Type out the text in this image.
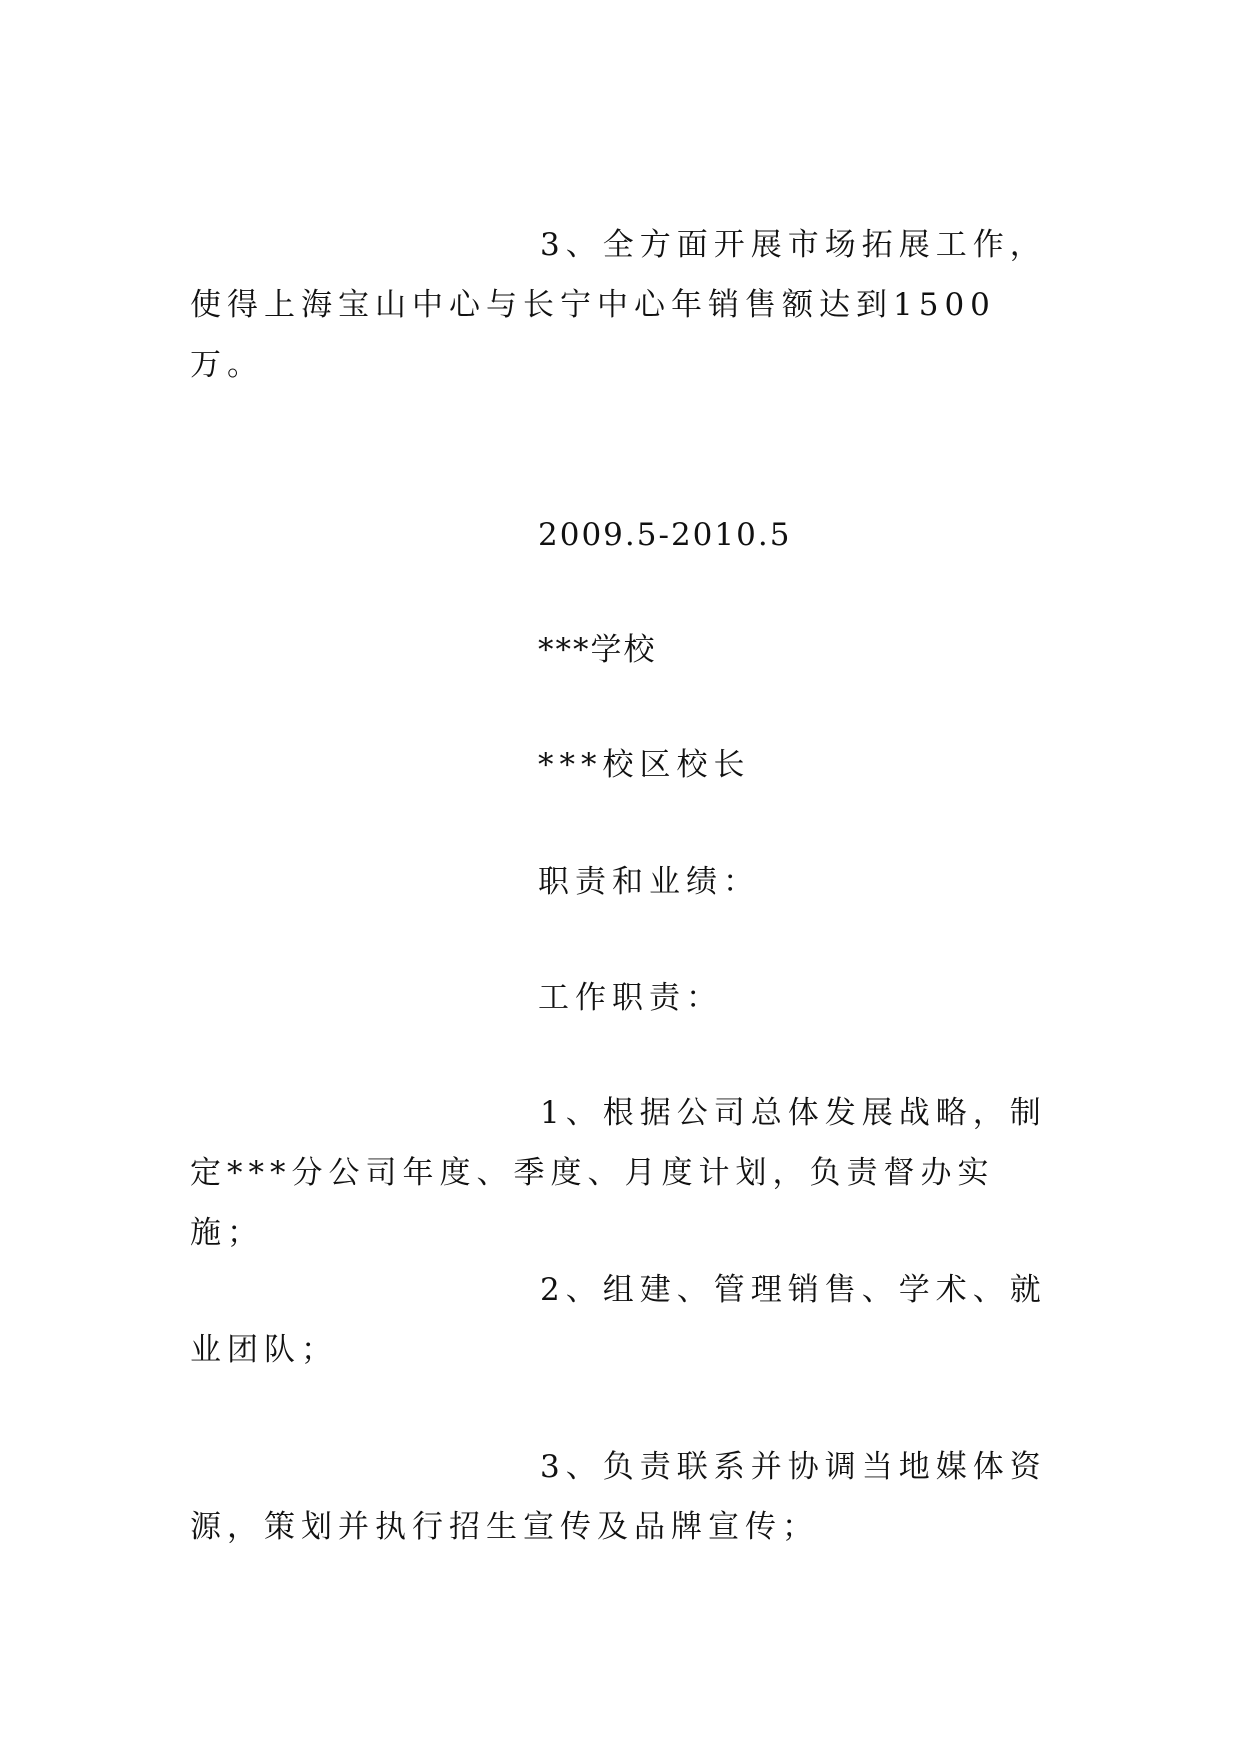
3、全方面开展市场拓展工作，使得上海宝山中心与长宁中心年销售额达到1500万。
2009.5-2010.5
***学校
***校区校长
职责和业绩：
工作职责：
1、根据公司总体发展战略，制定***分公司年度、季度、月度计划，负责督办实施；
2、组建、管理销售、学术、就业团队；
3、负责联系并协调当地媒体资源，策划并执行招生宣传及品牌宣传；
